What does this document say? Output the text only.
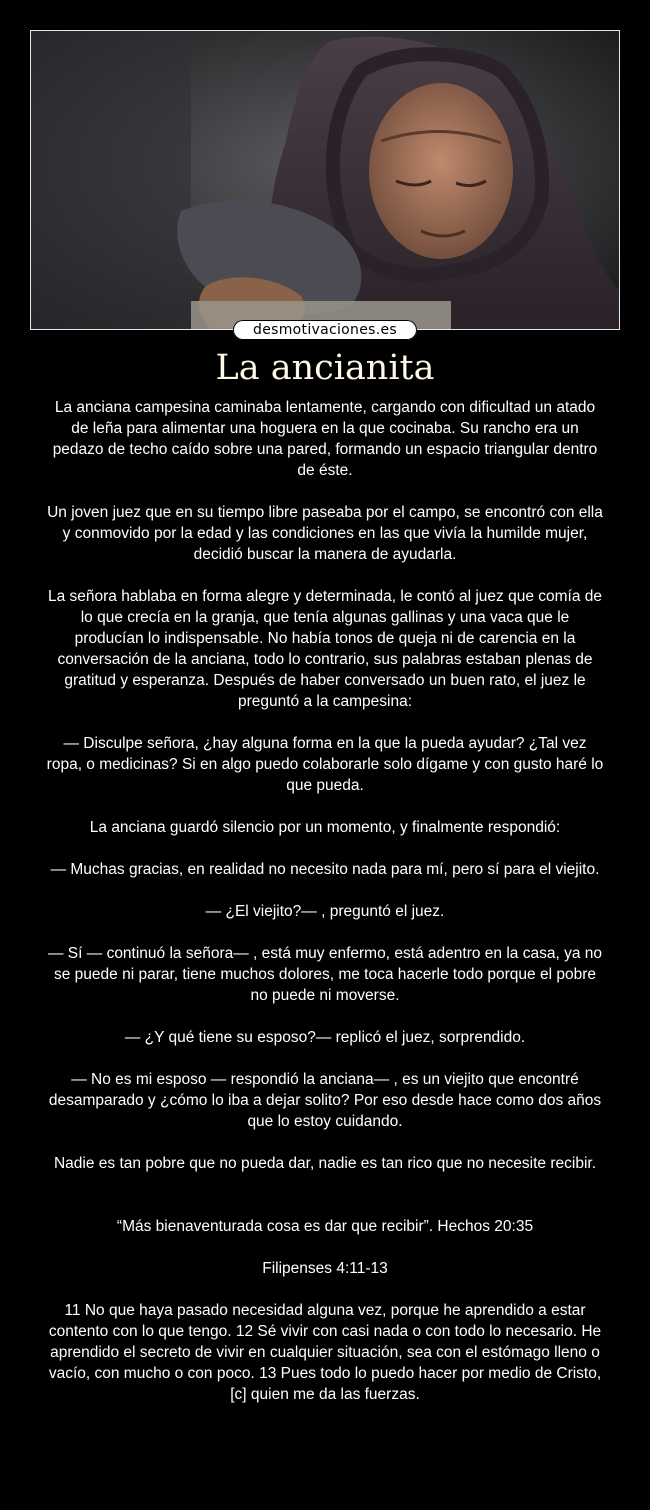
desmotivaciones.es
La ancianita

La anciana campesina caminaba lentamente, cargando con dificultad un atado de leña para alimentar una hoguera en la que cocinaba. Su rancho era un pedazo de techo caído sobre una pared, formando un espacio triangular dentro de éste.

Un joven juez que en su tiempo libre paseaba por el campo, se encontró con ella y conmovido por la edad y las condiciones en las que vivía la humilde mujer, decidió buscar la manera de ayudarla.

La señora hablaba en forma alegre y determinada, le contó al juez que comía de lo que crecía en la granja, que tenía algunas gallinas y una vaca que le producían lo indispensable. No había tonos de queja ni de carencia en la conversación de la anciana, todo lo contrario, sus palabras estaban plenas de gratitud y esperanza. Después de haber conversado un buen rato, el juez le preguntó a la campesina:

— Disculpe señora, ¿hay alguna forma en la que la pueda ayudar? ¿Tal vez ropa, o medicinas? Si en algo puedo colaborarle solo dígame y con gusto haré lo que pueda.

La anciana guardó silencio por un momento, y finalmente respondió:

— Muchas gracias, en realidad no necesito nada para mí, pero sí para el viejito.

— ¿El viejito?— , preguntó el juez.

— Sí — continuó la señora— , está muy enfermo, está adentro en la casa, ya no se puede ni parar, tiene muchos dolores, me toca hacerle todo porque el pobre no puede ni moverse.

— ¿Y qué tiene su esposo?— replicó el juez, sorprendido.

— No es mi esposo — respondió la anciana— , es un viejito que encontré desamparado y ¿cómo lo iba a dejar solito? Por eso desde hace como dos años que lo estoy cuidando.

Nadie es tan pobre que no pueda dar, nadie es tan rico que no necesite recibir.

“Más bienaventurada cosa es dar que recibir”. Hechos 20:35

Filipenses 4:11-13

11 No que haya pasado necesidad alguna vez, porque he aprendido a estar contento con lo que tengo. 12 Sé vivir con casi nada o con todo lo necesario. He aprendido el secreto de vivir en cualquier situación, sea con el estómago lleno o vacío, con mucho o con poco. 13 Pues todo lo puedo hacer por medio de Cristo,[c] quien me da las fuerzas.
